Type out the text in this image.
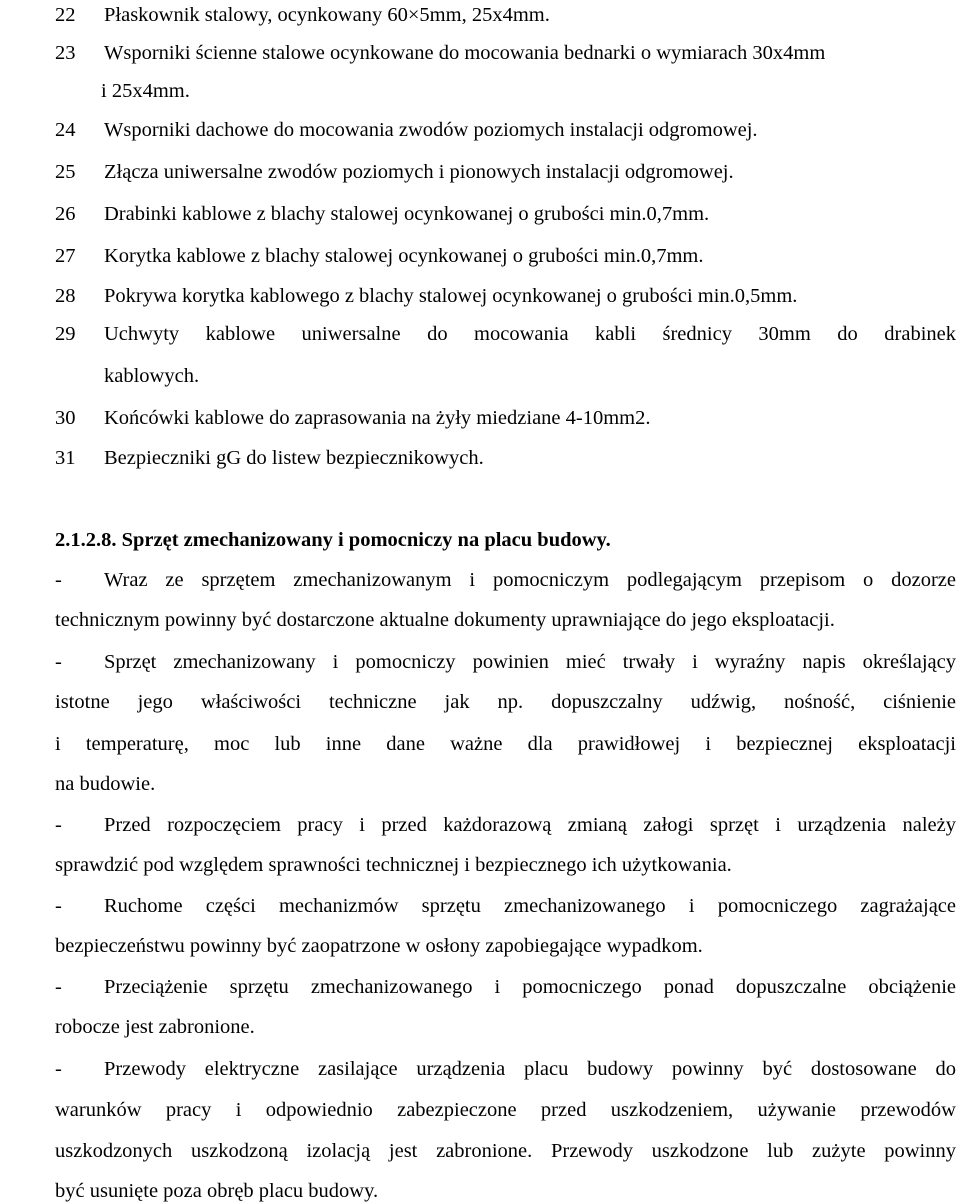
22 Płaskownik stalowy, ocynkowany 60×5mm, 25x4mm.
23 Wsporniki ścienne stalowe ocynkowane do mocowania bednarki o wymiarach 30x4mm
i 25x4mm.
24 Wsporniki dachowe do mocowania zwodów poziomych instalacji odgromowej.
25 Złącza uniwersalne zwodów poziomych i pionowych instalacji odgromowej.
26 Drabinki kablowe z blachy stalowej ocynkowanej o grubości min.0,7mm.
27 Korytka kablowe z blachy stalowej ocynkowanej o grubości min.0,7mm.
28 Pokrywa korytka kablowego z blachy stalowej ocynkowanej o grubości min.0,5mm.
29 Uchwyty kablowe uniwersalne do mocowania kabli średnicy 30mm do drabinek
kablowych.
30 Końcówki kablowe do zaprasowania na żyły miedziane 4-10mm2.
31 Bezpieczniki gG do listew bezpiecznikowych.
2.1.2.8. Sprzęt zmechanizowany i pomocniczy na placu budowy.
- Wraz ze sprzętem zmechanizowanym i pomocniczym podlegającym przepisom o dozorze
technicznym powinny być dostarczone aktualne dokumenty uprawniające do jego eksploatacji.
- Sprzęt zmechanizowany i pomocniczy powinien mieć trwały i wyraźny napis określający
istotne jego właściwości techniczne jak np. dopuszczalny udźwig, nośność, ciśnienie
i temperaturę, moc lub inne dane ważne dla prawidłowej i bezpiecznej eksploatacji
na budowie.
- Przed rozpoczęciem pracy i przed każdorazową zmianą załogi sprzęt i urządzenia należy
sprawdzić pod względem sprawności technicznej i bezpiecznego ich użytkowania.
- Ruchome części mechanizmów sprzętu zmechanizowanego i pomocniczego zagrażające
bezpieczeństwu powinny być zaopatrzone w osłony zapobiegające wypadkom.
- Przeciążenie sprzętu zmechanizowanego i pomocniczego ponad dopuszczalne obciążenie
robocze jest zabronione.
- Przewody elektryczne zasilające urządzenia placu budowy powinny być dostosowane do
warunków pracy i odpowiednio zabezpieczone przed uszkodzeniem, używanie przewodów
uszkodzonych uszkodzoną izolacją jest zabronione. Przewody uszkodzone lub zużyte powinny
być usunięte poza obręb placu budowy.
